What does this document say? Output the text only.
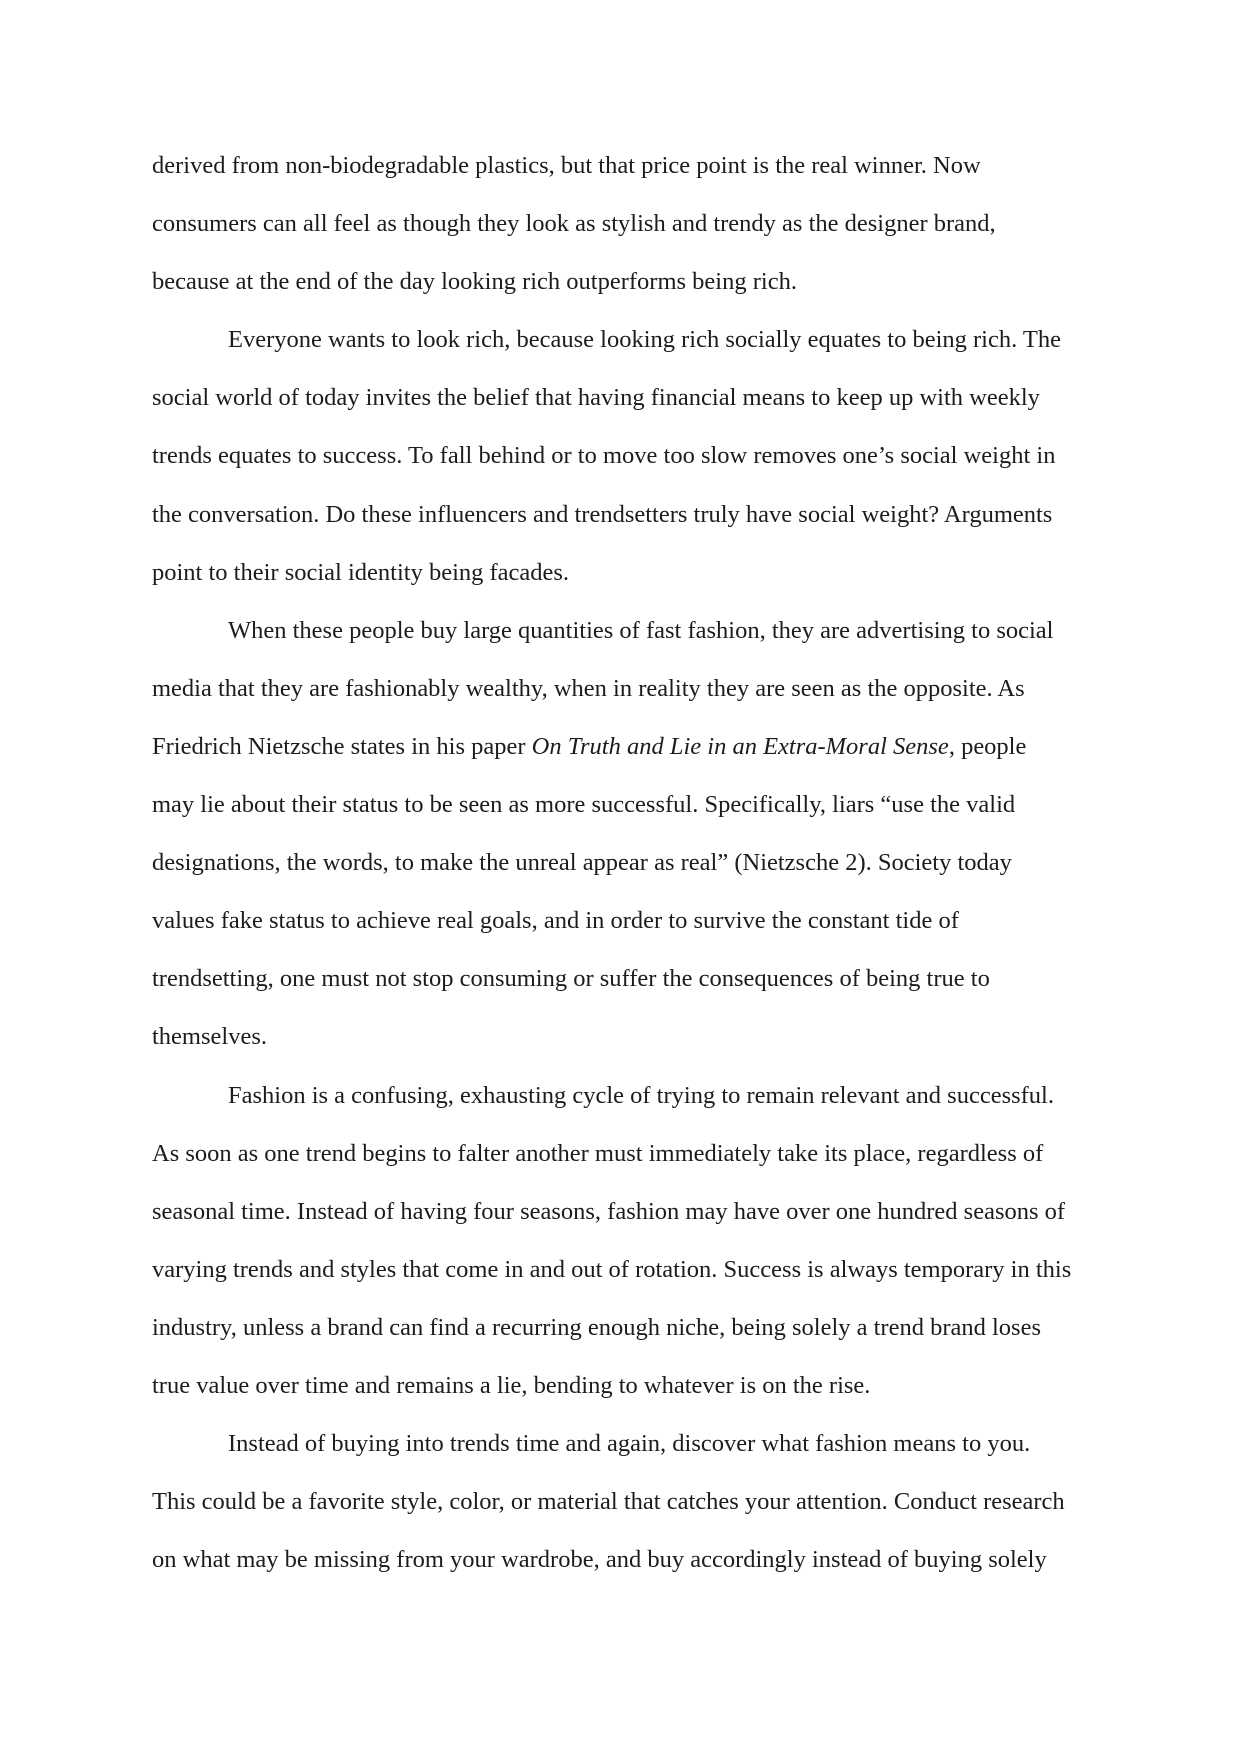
derived from non-biodegradable plastics, but that price point is the real winner. Now
consumers can all feel as though they look as stylish and trendy as the designer brand,
because at the end of the day looking rich outperforms being rich.

Everyone wants to look rich, because looking rich socially equates to being rich. The
social world of today invites the belief that having financial means to keep up with weekly
trends equates to success. To fall behind or to move too slow removes one’s social weight in
the conversation. Do these influencers and trendsetters truly have social weight? Arguments
point to their social identity being facades.

When these people buy large quantities of fast fashion, they are advertising to social
media that they are fashionably wealthy, when in reality they are seen as the opposite. As
Friedrich Nietzsche states in his paper On Truth and Lie in an Extra-Moral Sense, people
may lie about their status to be seen as more successful. Specifically, liars “use the valid
designations, the words, to make the unreal appear as real” (Nietzsche 2). Society today
values fake status to achieve real goals, and in order to survive the constant tide of
trendsetting, one must not stop consuming or suffer the consequences of being true to
themselves.

Fashion is a confusing, exhausting cycle of trying to remain relevant and successful.
As soon as one trend begins to falter another must immediately take its place, regardless of
seasonal time. Instead of having four seasons, fashion may have over one hundred seasons of
varying trends and styles that come in and out of rotation. Success is always temporary in this
industry, unless a brand can find a recurring enough niche, being solely a trend brand loses
true value over time and remains a lie, bending to whatever is on the rise.

Instead of buying into trends time and again, discover what fashion means to you.
This could be a favorite style, color, or material that catches your attention. Conduct research
on what may be missing from your wardrobe, and buy accordingly instead of buying solely
